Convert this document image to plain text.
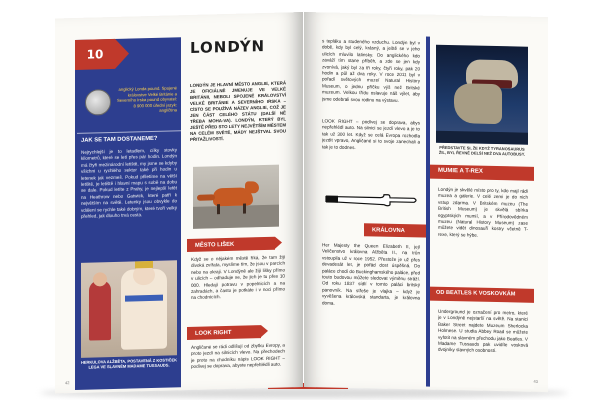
10	LONDÝN
anglický Londa pound. Spojené královstve Velké Británie a Severního Irska pound obyvatel: 8 900 000 úřední jazyk: angličtina
LONDÝN JE HLAVNÍ MĚSTO ANGLIE, KTERÁ JE OFICIÁLNĚ JMENUJE VE VELKÉ BRITÁNII, NEBOLI SPOJENÉ KRÁLOVSTVÍ VELKÉ BRITÁNIE A SEVERNÍHO IRSKA – CÍSTO SE POUŽÍVÁ NÁZEV ANGLIE, COŽ JE JEN ČÁST CELÉHO STÁTU (DALŠÍ NĚ TŘEBA MOHA-VA). LONDÝN, KTERÝ BYL JEŠTĚ PŘED STO LETY NEJVĚTŠÍM MĚSTEM NA CELÉM SVĚTĚ, MÁDY NEJŠTVAL SVOU PŘITAŽLIVOSTÍ.
JAK SE TAM DOSTANEME?
Nejrychlejší je to letadlem, cílky stovky kilometrů, které se letí přes pár hodin. Londýn má čtyři mezinárodní letiště, my jsme se kdyby všichni u rychlého sektor také při hodin u letenek jak vezmeš. Pokud přiletíme na větší letiště, je letiště i hlavní mapu s sobě na dobu se dale. Pokud letíte z Prahy, je nejlepší letět na Heathrow nebo Gatwick, které patří k největším na světě. Letenky jsou obvykle do vdálení se rychle také dobrým, které tvoří velký přehled, jak dlouho trvá cesta.
HERKULOVA ALŽBĚTA, POSTAVENÁ Z KOSTIČEK LEGA VE SLAVNÉM MADAME TUSSAUDS.
MĚSTO LIŠEK
Když se o nějakém městě říká, že tam žijí divoká zvířata, myslíme tím, že jsou v parcích nebo na okraji. V Londýně ale žijí lišky přímo v ulicích – odhaduje se, že jich je tu přes 10 000. Hledají potravu v popelnicích a na zahradách, a často je potkáte i v noci přímo na chodnících.
LOOK RIGHT
Angličané se rádi odlišují od zbytku Evropy, a proto jezdí na silnicích vlevo. Na přechodech je proto na chodníku nápis LOOK RIGHT – podívej se doprava, abyste nepřehlédli auto.
42
s tepláku a studeného vzduchu. Londýn byl v době, kdy byl celý, krásný, a ještě se v jeho ulicích mluvilo latinsky. Do anglického kdo zaváží tím stane příběh, a zde se jen kdy zvonívá, jaký byl za tři roky, čtyři roky, pak 20 hodin a půl až dva roky. V roce 2011 byl v pořadí světových muzeí Natural History Museum, o jednu příčku výš než Britské muzeum. Velkou třídu oslavuje náš výlet, aby jsme odebrali svou rodinu na výstavu.
LOOK RIGHT – podívej se doprava, abys nepřehlédl auto. Na silnici se jezdí vlevo a je to tak už 300 let. Když se celá Evropa rozhodla jezdit vpravo, Angličané si to svoje zanechali a tak je to dodnes.
KRÁLOVNA
Her Majesty the Queen Elizabeth II, její Veličenstvo královna Alžběta II., na trůn vstoupila už v roce 1952. Přestože je už přes devadesát let, je pořád dost úspěšná. Do paláce chodí do Buckinghamského paláce, před touto budovou můžete sledovat výměnu stráží. Od roku 1837 sídlí v tomto paláci britský panovník. Na střeše je vlajka – když je vyvěšena královská standarta, je královna doma.
PŘEDSTAVTE SI, ŽE KDYŽ TYRANOSAURUS ŽIL, BYL ŘEVNĚ DELŠÍ NEŽ DVA AUTOBUSY.
MUMIE A T-REX
Londýn je skvělé místo pro ty, kdo mají rádi muzea a galerie. V celé zemi je do nich vstup zdarma. V Britském muzeu (The British Museum) je skvělá sbírka egyptských mumií, a v Přírodovědném muzeu (Natural History Museum) zase můžete vidět dinosauří kostry včetně T-rexe, který se hýbe.
OD BEATLES K VOSKOVKÁM
Underground je označení pro metro, které je v Londýně nejstarší na světě. Na stanici Baker Street najdete Muzeum Sherlocka Holmese. U studia Abbey Road se můžete vyfotit na slavném přechodu jako Beatles. V Madame Tussauds pak uvidíte vosková dvojníky slavných osobností.
43
